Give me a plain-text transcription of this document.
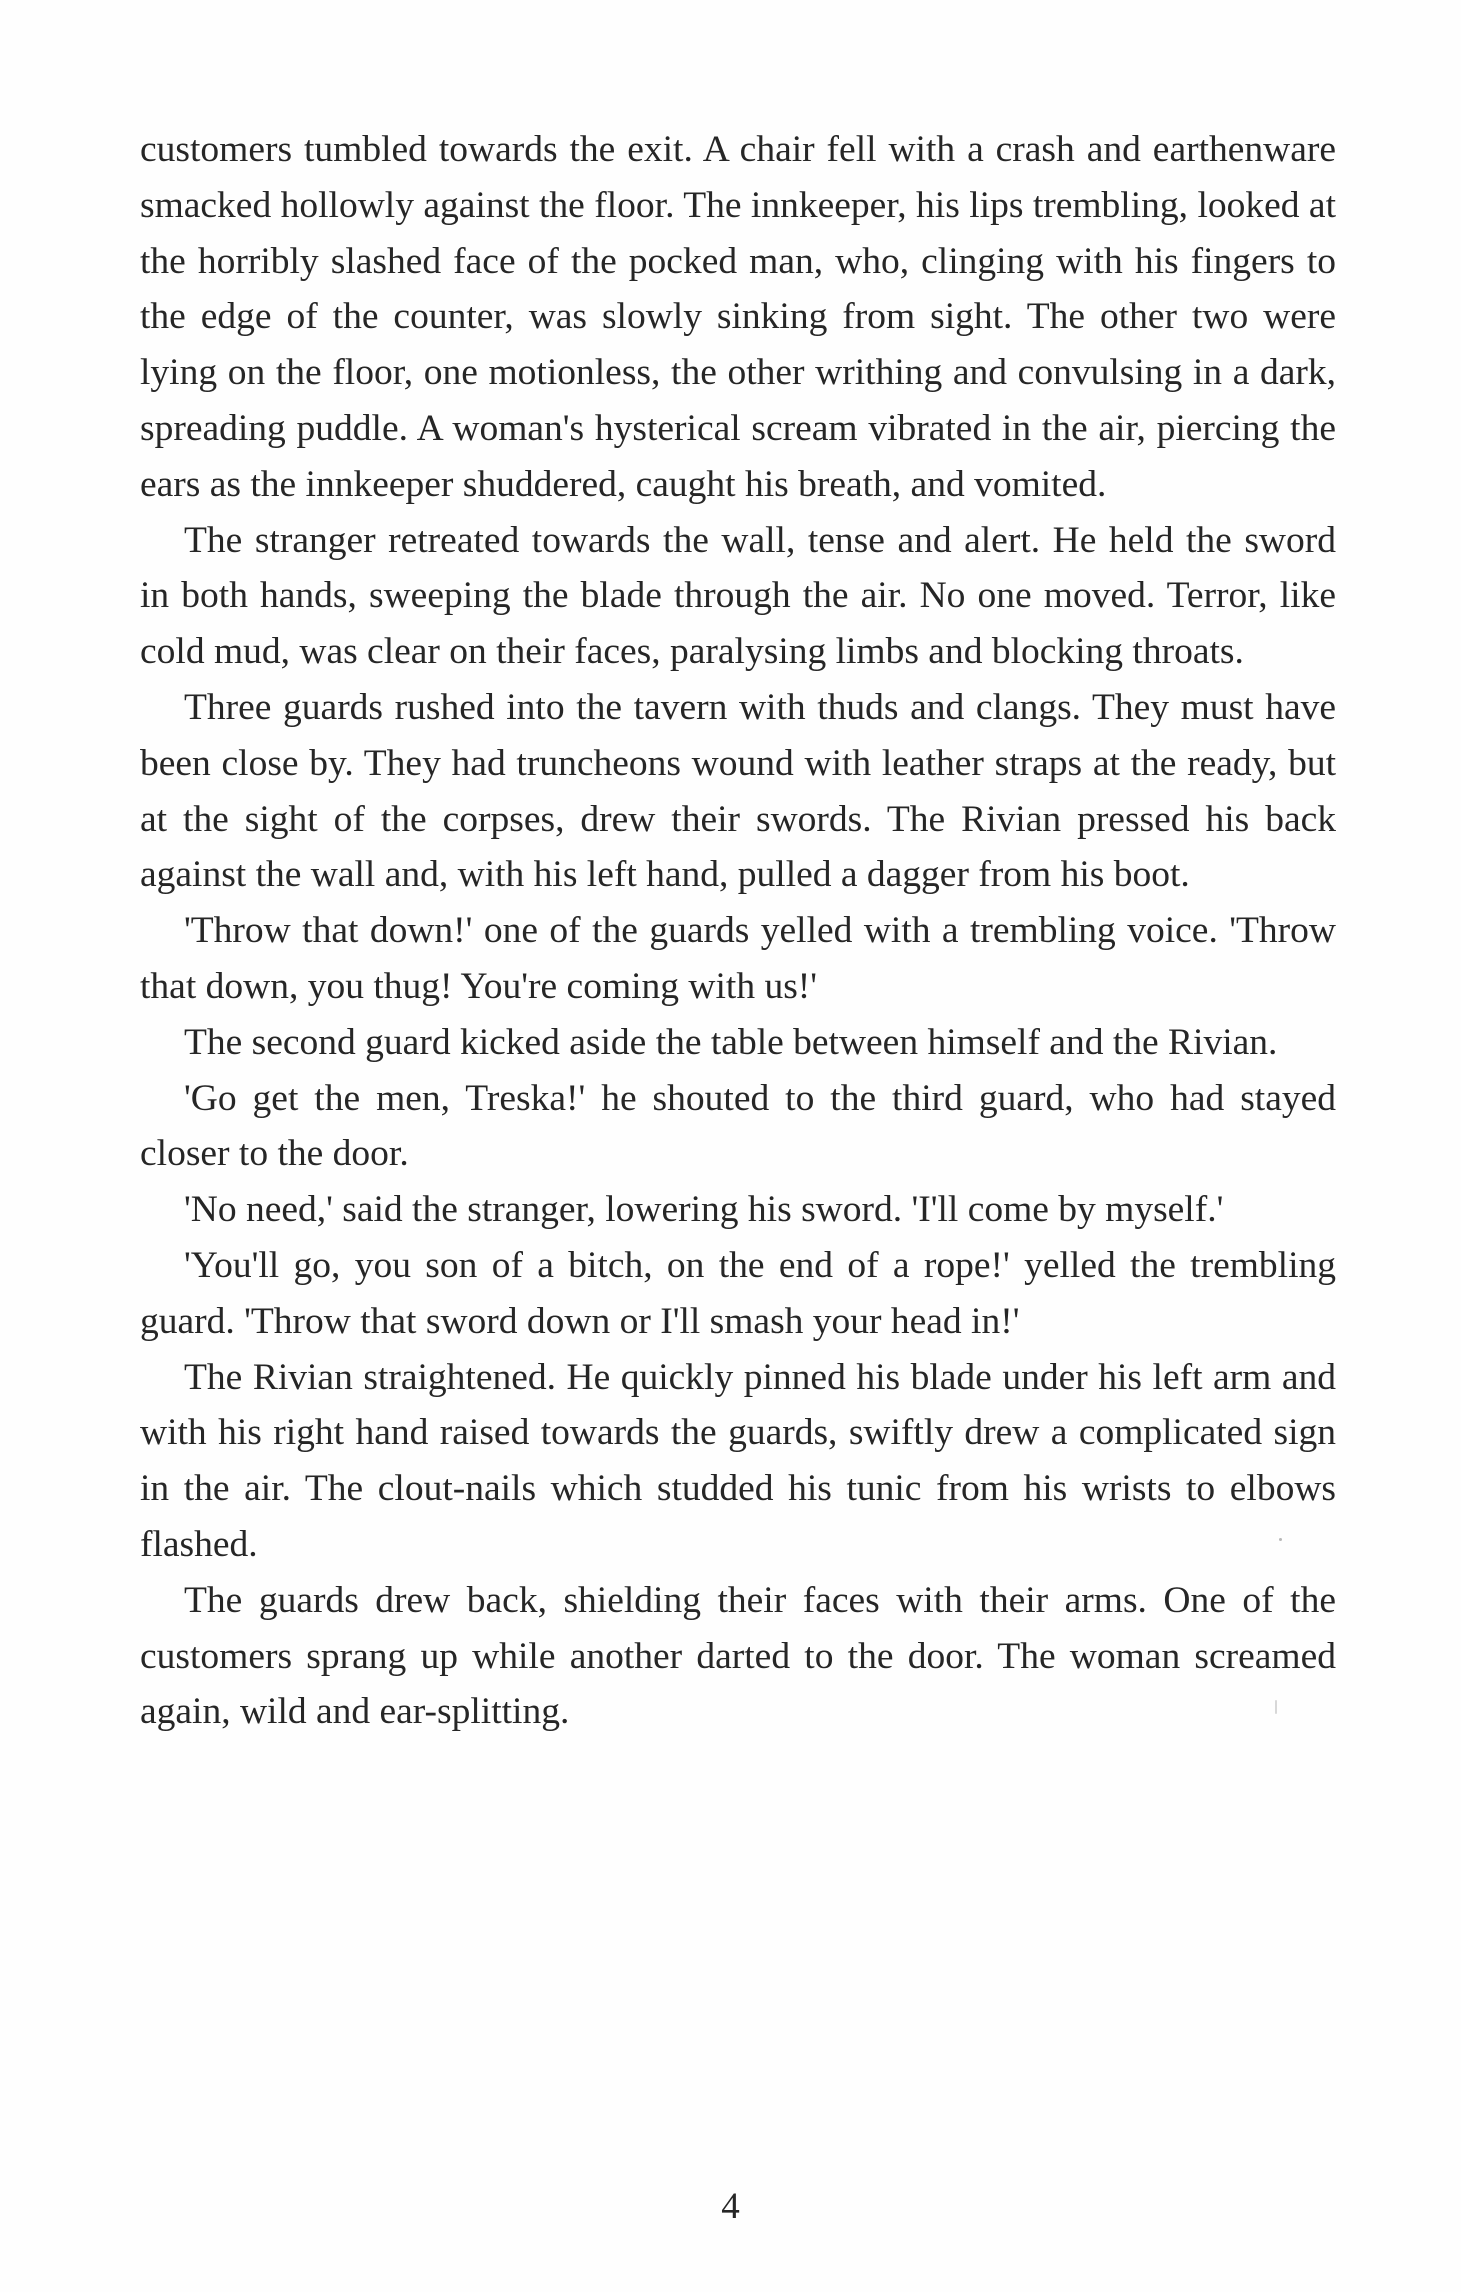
customers tumbled towards the exit. A chair fell with a crash and earthenware smacked hollowly against the floor. The innkeeper, his lips trembling, looked at the horribly slashed face of the pocked man, who, clinging with his fingers to the edge of the counter, was slowly sinking from sight. The other two were lying on the floor, one motionless, the other writhing and convulsing in a dark, spreading puddle. A woman's hysterical scream vibrated in the air, piercing the ears as the innkeeper shuddered, caught his breath, and vomited.

The stranger retreated towards the wall, tense and alert. He held the sword in both hands, sweeping the blade through the air. No one moved. Terror, like cold mud, was clear on their faces, paralysing limbs and blocking throats.

Three guards rushed into the tavern with thuds and clangs. They must have been close by. They had truncheons wound with leather straps at the ready, but at the sight of the corpses, drew their swords. The Rivian pressed his back against the wall and, with his left hand, pulled a dagger from his boot.

'Throw that down!' one of the guards yelled with a trembling voice. 'Throw that down, you thug! You're coming with us!'

The second guard kicked aside the table between himself and the Rivian.

'Go get the men, Treska!' he shouted to the third guard, who had stayed closer to the door.

'No need,' said the stranger, lowering his sword. 'I'll come by myself.'

'You'll go, you son of a bitch, on the end of a rope!' yelled the trembling guard. 'Throw that sword down or I'll smash your head in!'

The Rivian straightened. He quickly pinned his blade under his left arm and with his right hand raised towards the guards, swiftly drew a complicated sign in the air. The clout-nails which studded his tunic from his wrists to elbows flashed.

The guards drew back, shielding their faces with their arms. One of the customers sprang up while another darted to the door. The woman screamed again, wild and ear-splitting.

4
